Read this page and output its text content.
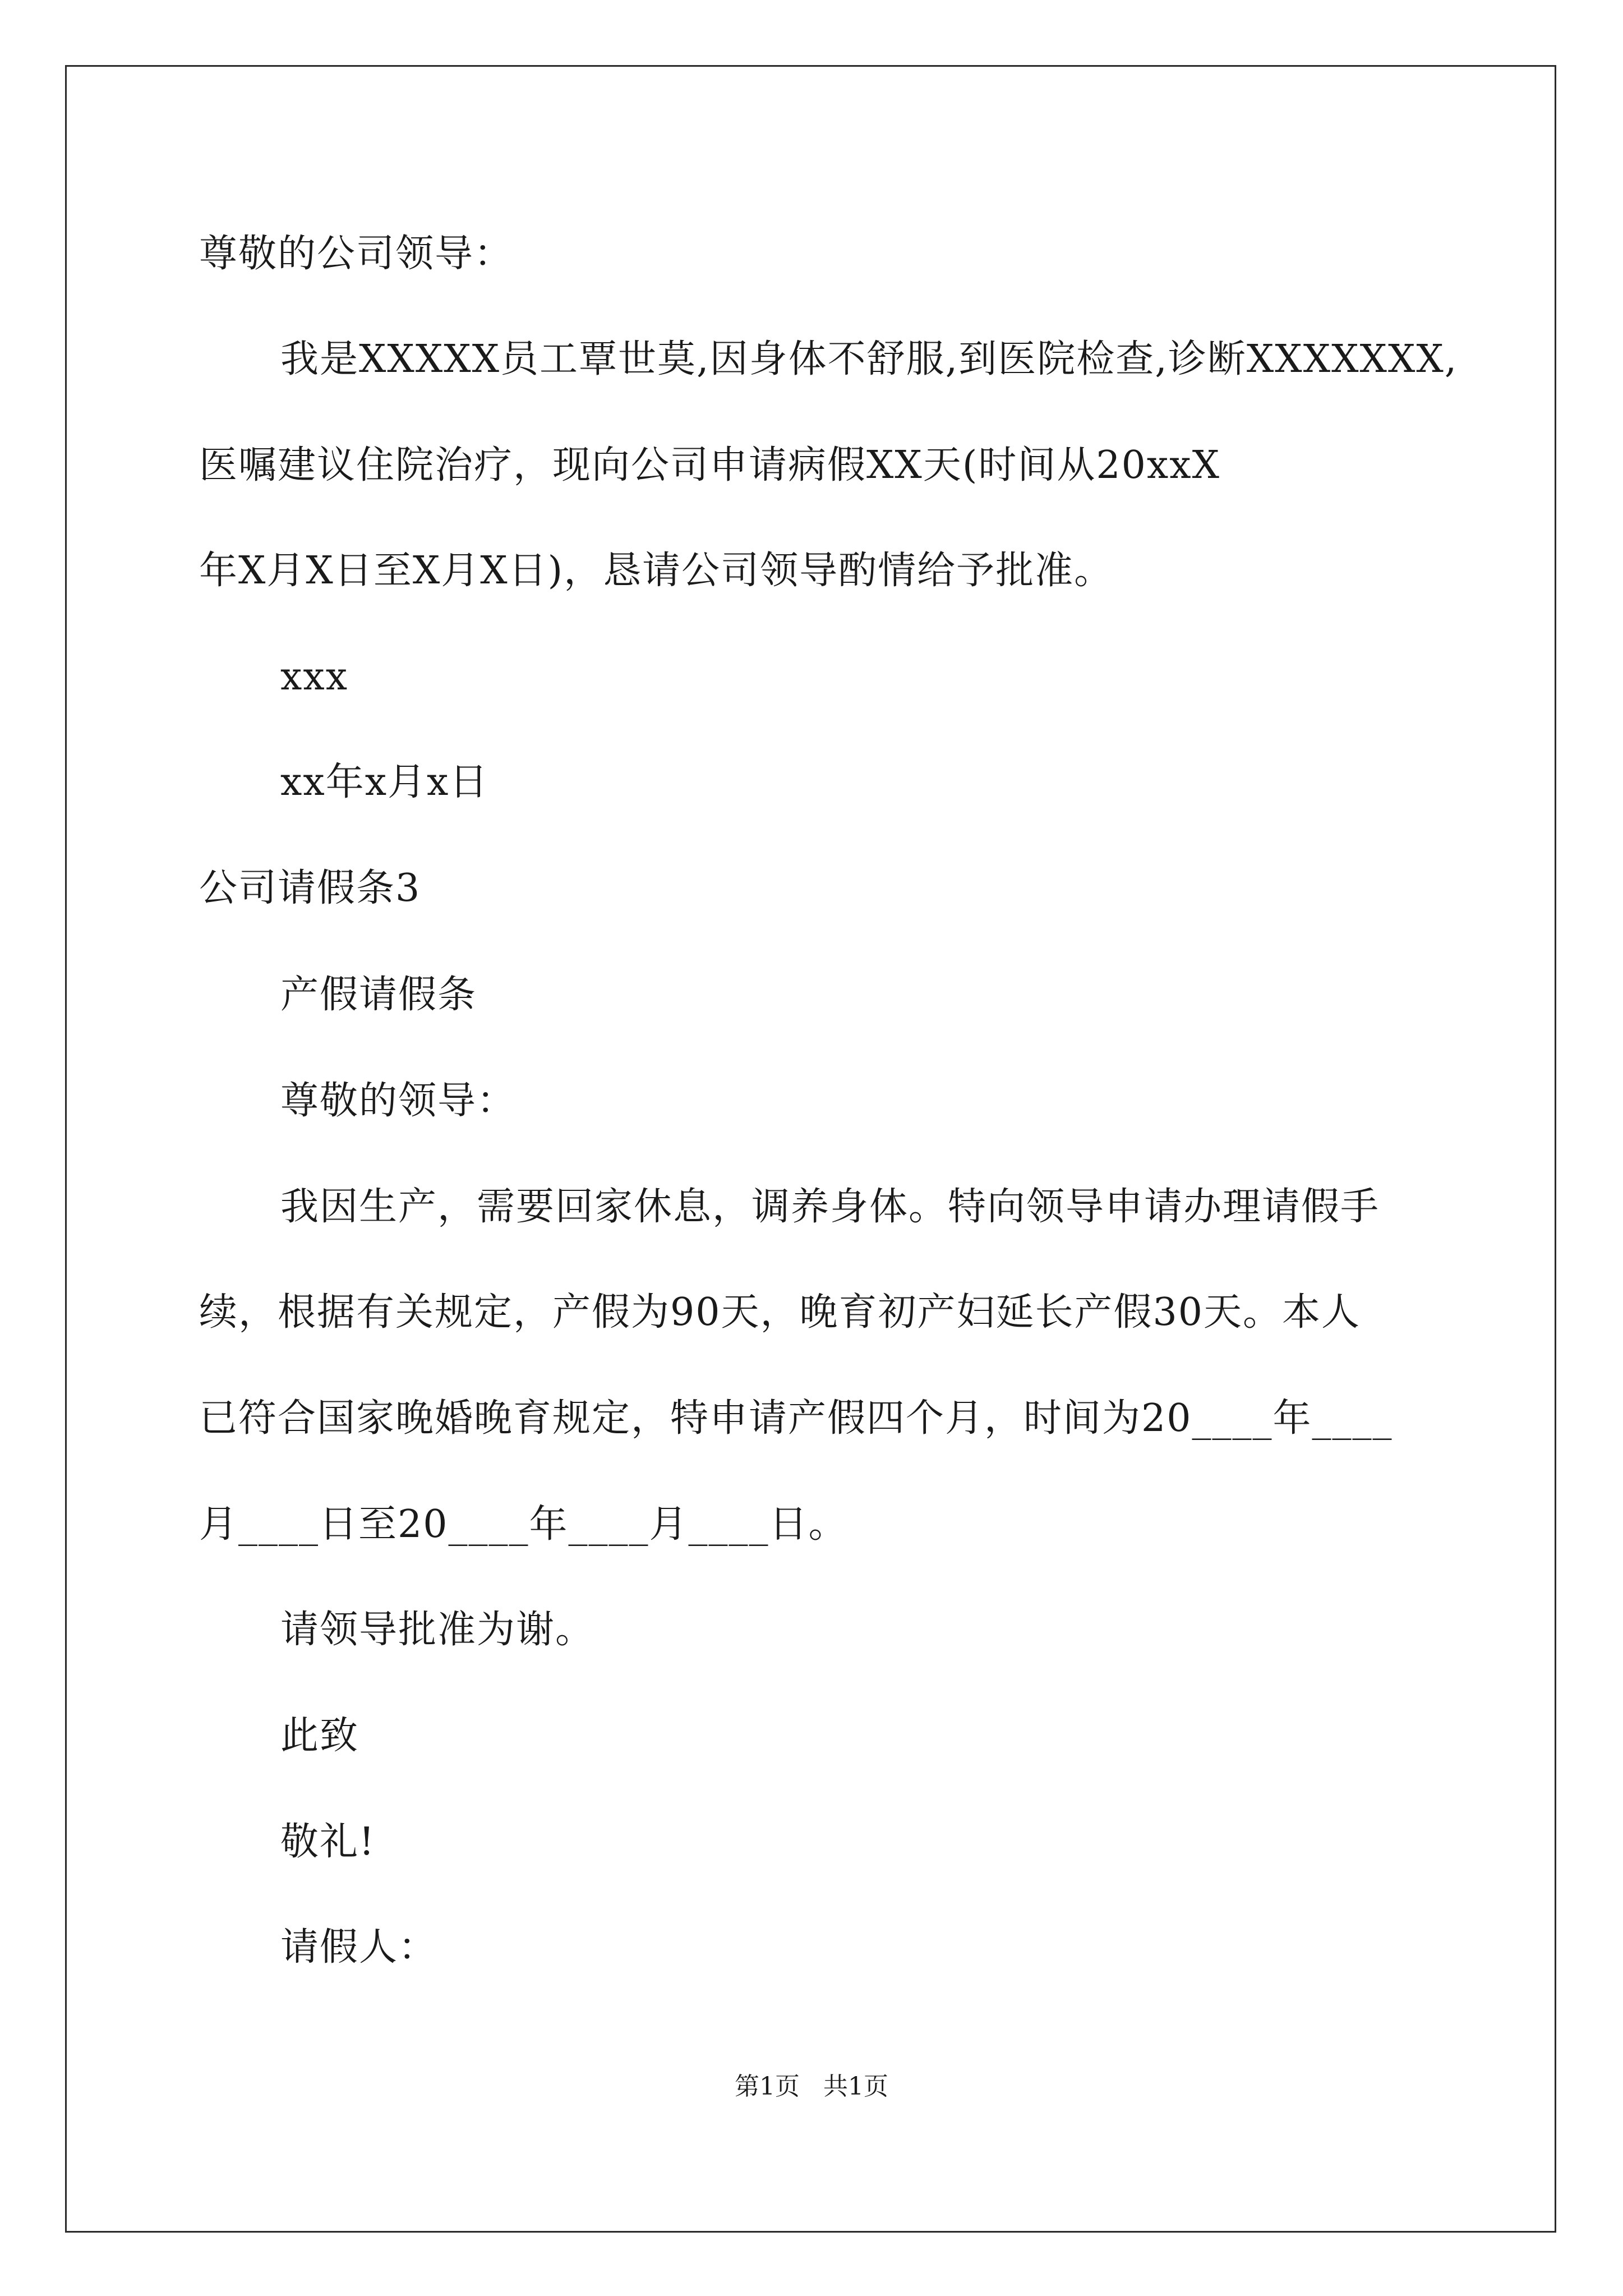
尊敬的公司领导：
我是XXXXX员工覃世莫,因身体不舒服,到医院检查,诊断XXXXXXX,
医嘱建议住院治疗，现向公司申请病假XX天(时间从20xxX
年X月X日至X月X日)，恳请公司领导酌情给予批准。
xxx
xx年x月x日
公司请假条3
产假请假条
尊敬的领导：
我因生产，需要回家休息，调养身体。特向领导申请办理请假手
续，根据有关规定，产假为90天，晚育初产妇延长产假30天。本人
已符合国家晚婚晚育规定，特申请产假四个月，时间为20____年____
月____日至20____年____月____日。
请领导批准为谢。
此致
敬礼!
请假人：
第1页   共1页
